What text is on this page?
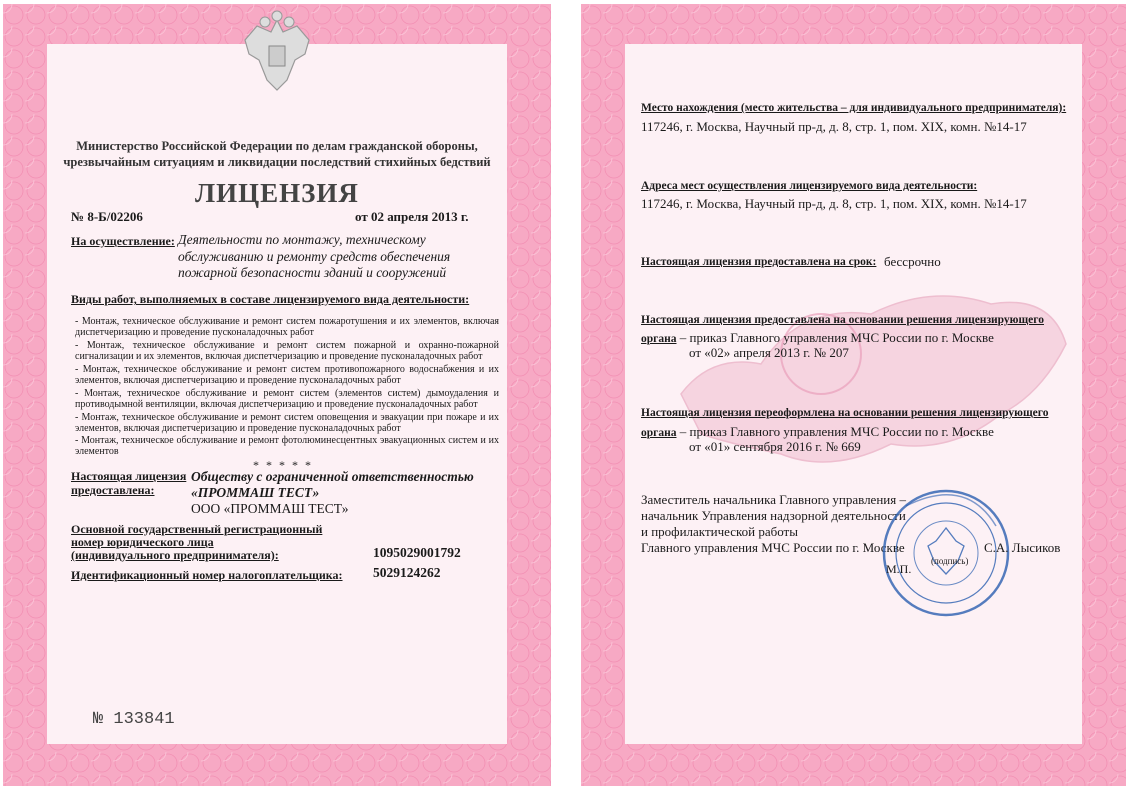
Министерство Российской Федерации по делам гражданской обороны,
чрезвычайным ситуациям и ликвидации последствий стихийных бедствий
ЛИЦЕНЗИЯ
№ 8-Б/02206	от 02 апреля 2013 г.
На осуществление: Деятельности по монтажу, техническому обслуживанию и ремонту средств обеспечения пожарной безопасности зданий и сооружений
Виды работ, выполняемых в составе лицензируемого вида деятельности:
- Монтаж, техническое обслуживание и ремонт систем пожаротушения и их элементов, включая диспетчеризацию и проведение пусконаладочных работ
- Монтаж, техническое обслуживание и ремонт систем пожарной и охранно-пожарной сигнализации и их элементов, включая диспетчеризацию и проведение пусконаладочных работ
- Монтаж, техническое обслуживание и ремонт систем противопожарного водоснабжения и их элементов, включая диспетчеризацию и проведение пусконаладочных работ
- Монтаж, техническое обслуживание и ремонт систем (элементов систем) дымоудаления и противодымной вентиляции, включая диспетчеризацию и проведение пусконаладочных работ
- Монтаж, техническое обслуживание и ремонт систем оповещения и эвакуации при пожаре и их элементов, включая диспетчеризацию и проведение пусконаладочных работ
- Монтаж, техническое обслуживание и ремонт фотолюминесцентных эвакуационных систем и их элементов
* * * * *
Настоящая лицензия
предоставлена:
Обществу с ограниченной ответственностью
«ПРОММАШ ТЕСТ»
ООО «ПРОММАШ ТЕСТ»
Основной государственный регистрационный
номер юридического лица
(индивидуального предпринимателя):	1095029001792
Идентификационный номер налогоплательщика: 5029124262
№ 133841
Место нахождения (место жительства – для индивидуального предпринимателя):
117246, г. Москва, Научный пр-д, д. 8, стр. 1, пом. XIX, комн. №14-17
Адреса мест осуществления лицензируемого вида деятельности:
117246, г. Москва, Научный пр-д, д. 8, стр. 1, пом. XIX, комн. №14-17
Настоящая лицензия предоставлена на срок: бессрочно
Настоящая лицензия предоставлена на основании решения лицензирующего
органа – приказ Главного управления МЧС России по г. Москве
от «02» апреля 2013 г. № 207
Настоящая лицензия переоформлена на основании решения лицензирующего
органа – приказ Главного управления МЧС России по г. Москве
от «01» сентября 2016 г. № 669
Заместитель начальника Главного управления –
начальник Управления надзорной деятельности
и профилактической работы
Главного управления МЧС России по г. Москве	С.А. Лысиков
(подпись)
М.П.
